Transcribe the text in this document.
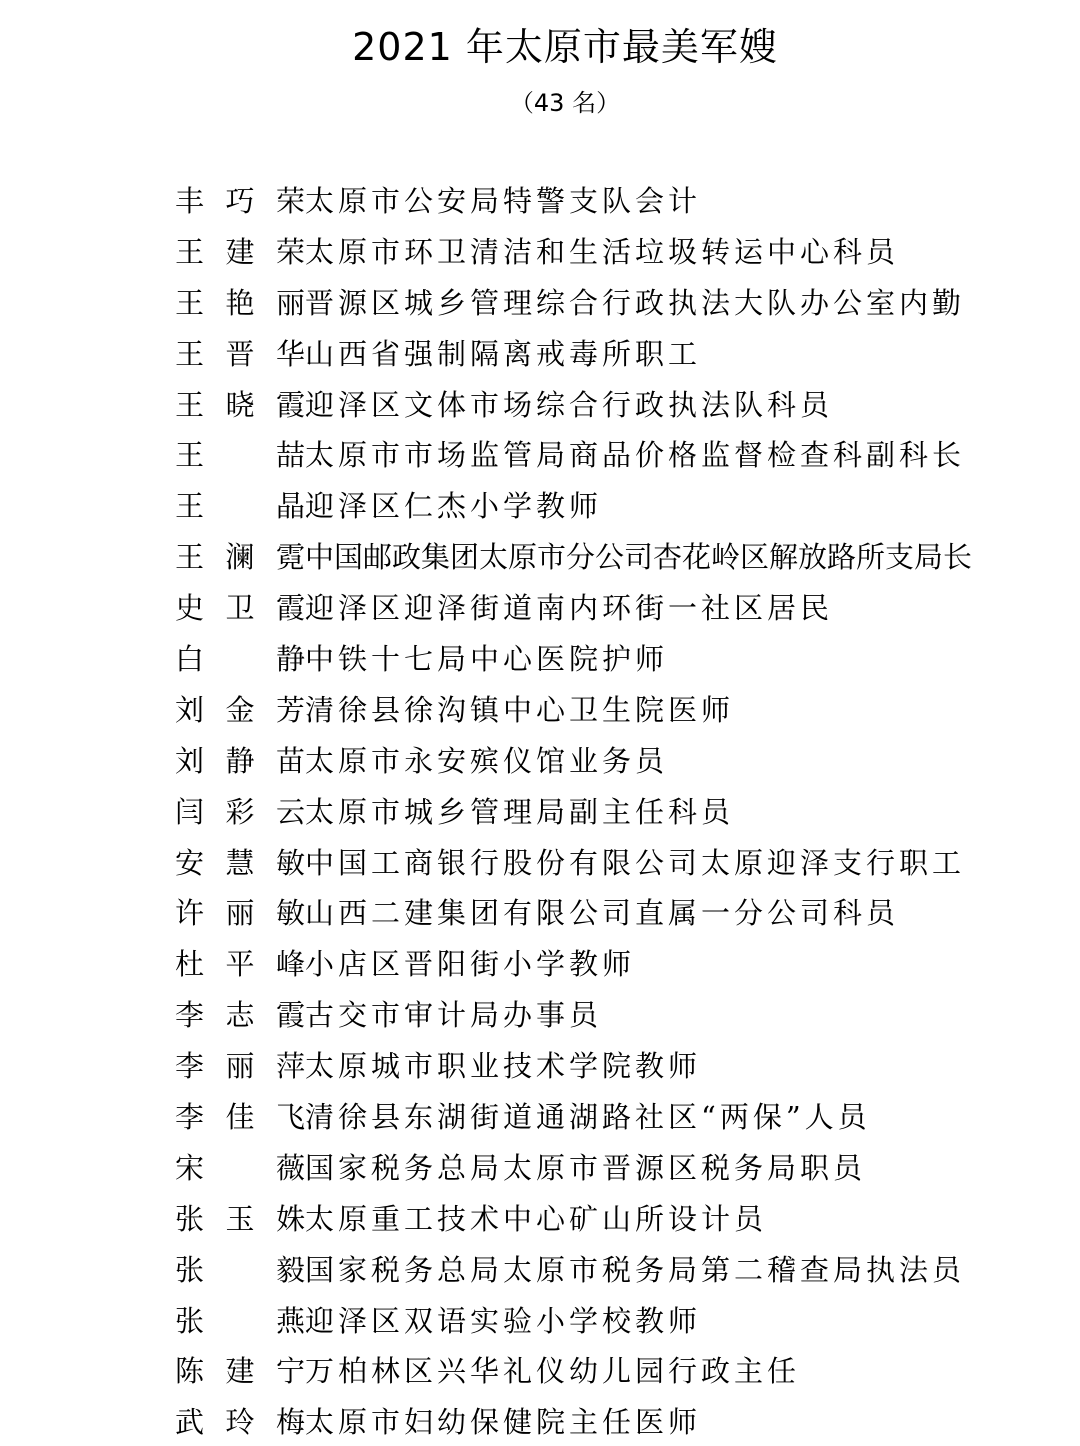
2021 年太原市最美军嫂
（43 名）
丰 巧 荣 太原市公安局特警支队会计
王 建 荣 太原市环卫清洁和生活垃圾转运中心科员
王 艳 丽 晋源区城乡管理综合行政执法大队办公室内勤
王 晋 华 山西省强制隔离戒毒所职工
王 晓 霞 迎泽区文体市场综合行政执法队科员
王 喆 太原市市场监管局商品价格监督检查科副科长
王 晶 迎泽区仁杰小学教师
王 澜 霓 中国邮政集团太原市分公司杏花岭区解放路所支局长
史 卫 霞 迎泽区迎泽街道南内环街一社区居民
白 静 中铁十七局中心医院护师
刘 金 芳 清徐县徐沟镇中心卫生院医师
刘 静 苗 太原市永安殡仪馆业务员
闫 彩 云 太原市城乡管理局副主任科员
安 慧 敏 中国工商银行股份有限公司太原迎泽支行职工
许 丽 敏 山西二建集团有限公司直属一分公司科员
杜 平 峰 小店区晋阳街小学教师
李 志 霞 古交市审计局办事员
李 丽 萍 太原城市职业技术学院教师
李 佳 飞 清徐县东湖街道通湖路社区“两保”人员
宋 薇 国家税务总局太原市晋源区税务局职员
张 玉 姝 太原重工技术中心矿山所设计员
张 毅 国家税务总局太原市税务局第二稽查局执法员
张 燕 迎泽区双语实验小学校教师
陈 建 宁 万柏林区兴华礼仪幼儿园行政主任
武 玲 梅 太原市妇幼保健院主任医师
